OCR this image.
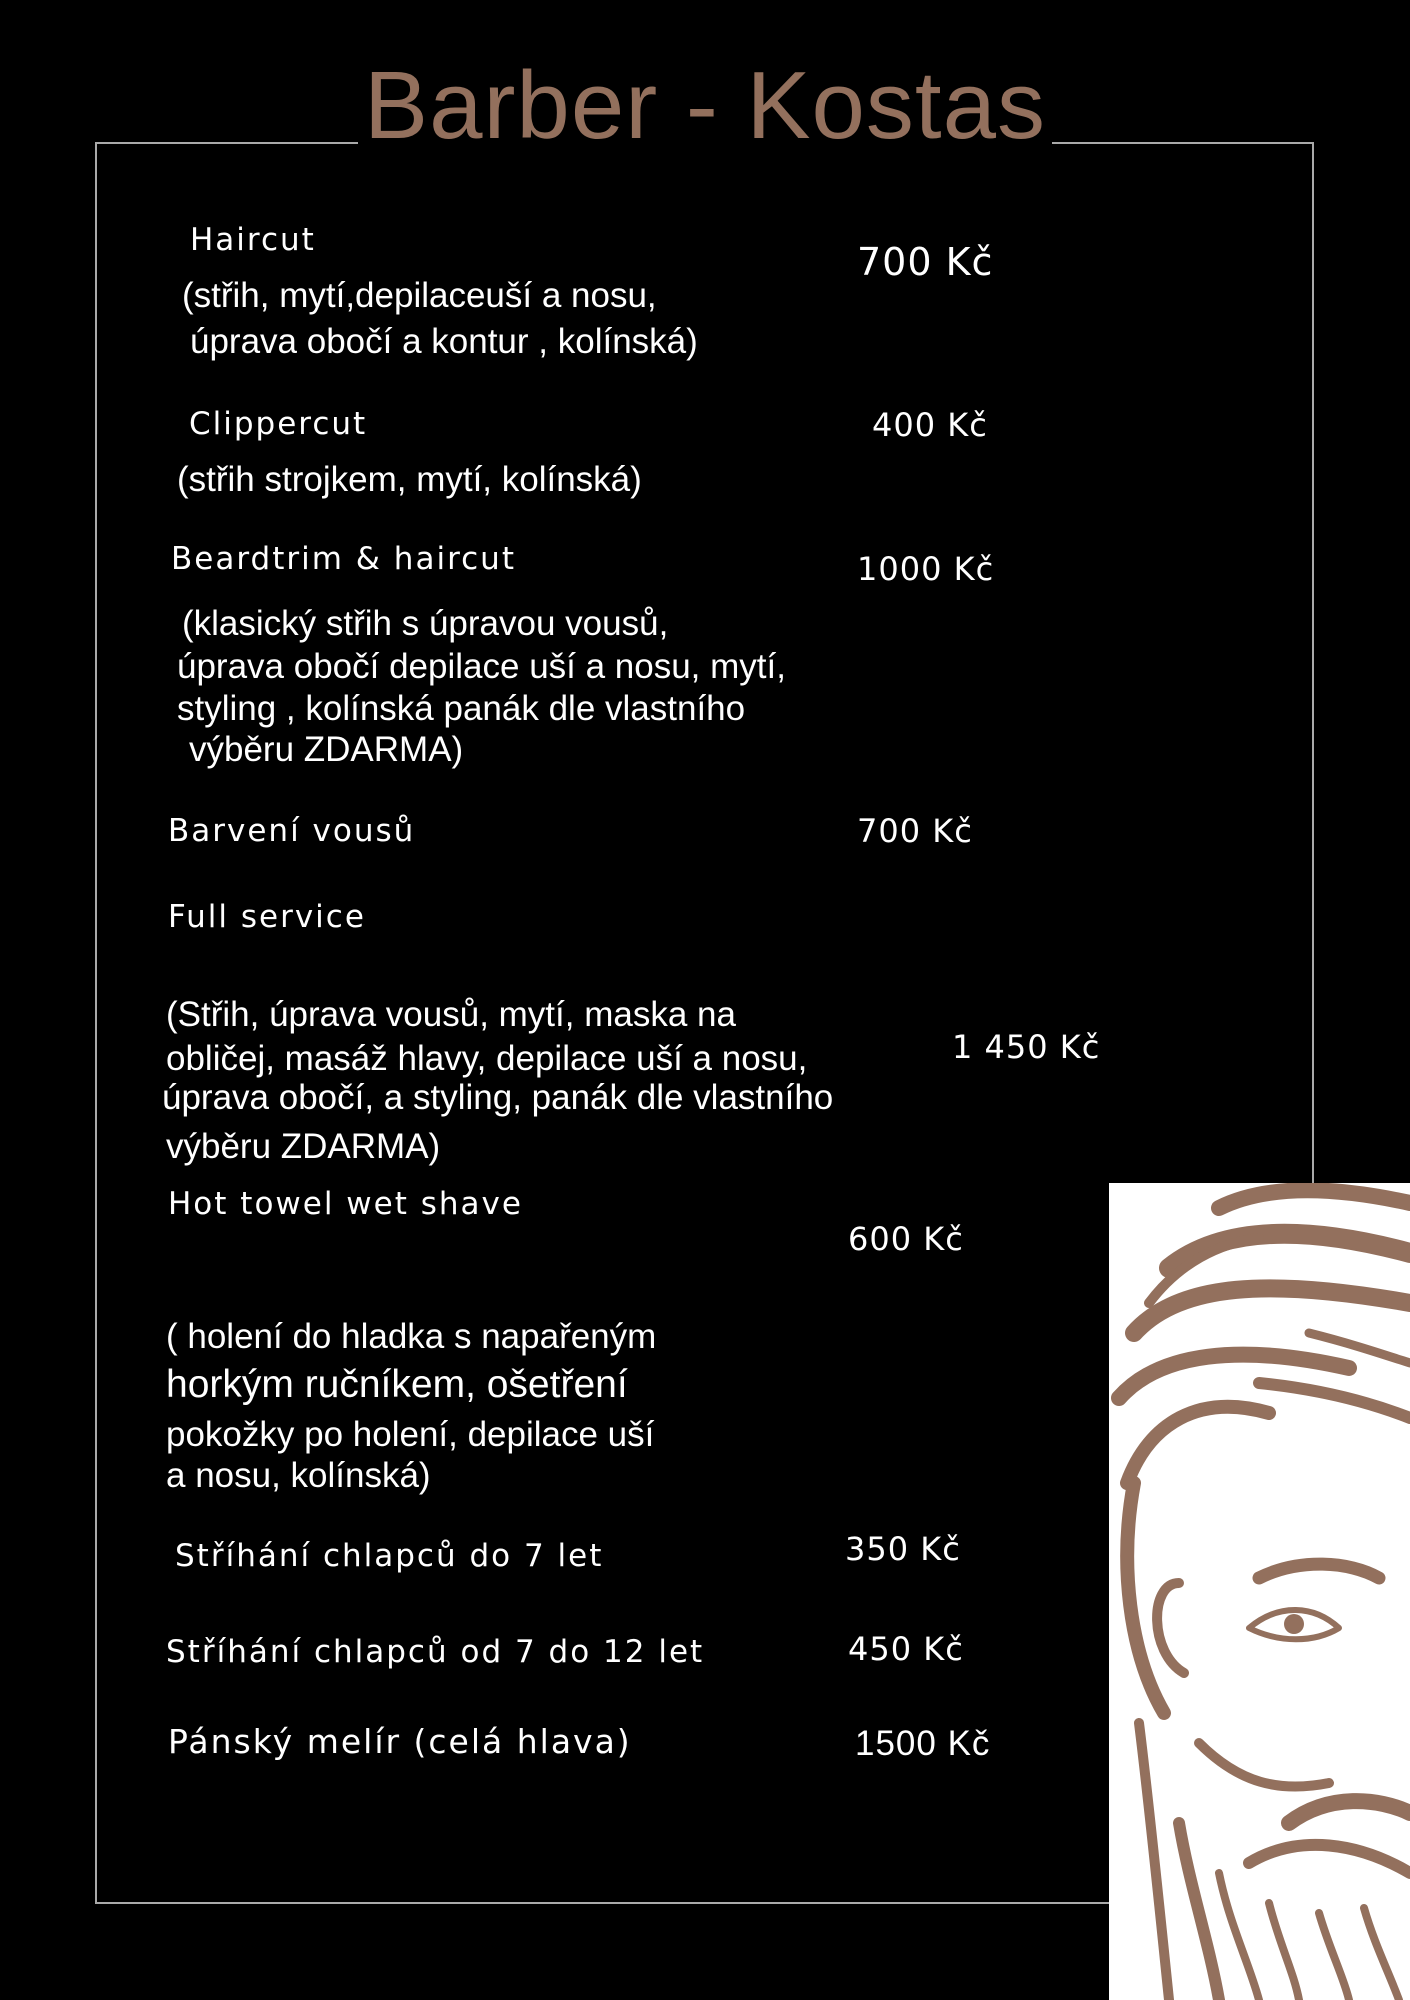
Barber - Kostas
Haircut
(střih, mytí,depilaceuší a nosu,
úprava obočí a kontur , kolínská)
700 Kč
Clippercut
(střih strojkem, mytí, kolínská)
400 Kč
Beardtrim & haircut
(klasický střih s úpravou vousů,
úprava obočí depilace uší a nosu, mytí,
styling , kolínská panák dle vlastního
výběru ZDARMA)
1000 Kč
Barvení vousů	700 Kč
Full service
(Střih, úprava vousů, mytí, maska na
obličej, masáž hlavy, depilace uší a nosu,
úprava obočí, a styling, panák dle vlastního
výběru ZDARMA)
1 450 Kč
Hot towel wet shave
( holení do hladka s napařeným
horkým ručníkem, ošetření
pokožky po holení, depilace uší
a nosu, kolínská)
600 Kč
Stříhání chlapců do 7 let	350 Kč
Stříhání chlapců od 7 do 12 let	450 Kč
Pánský melír (celá hlava)	1500 Kč
